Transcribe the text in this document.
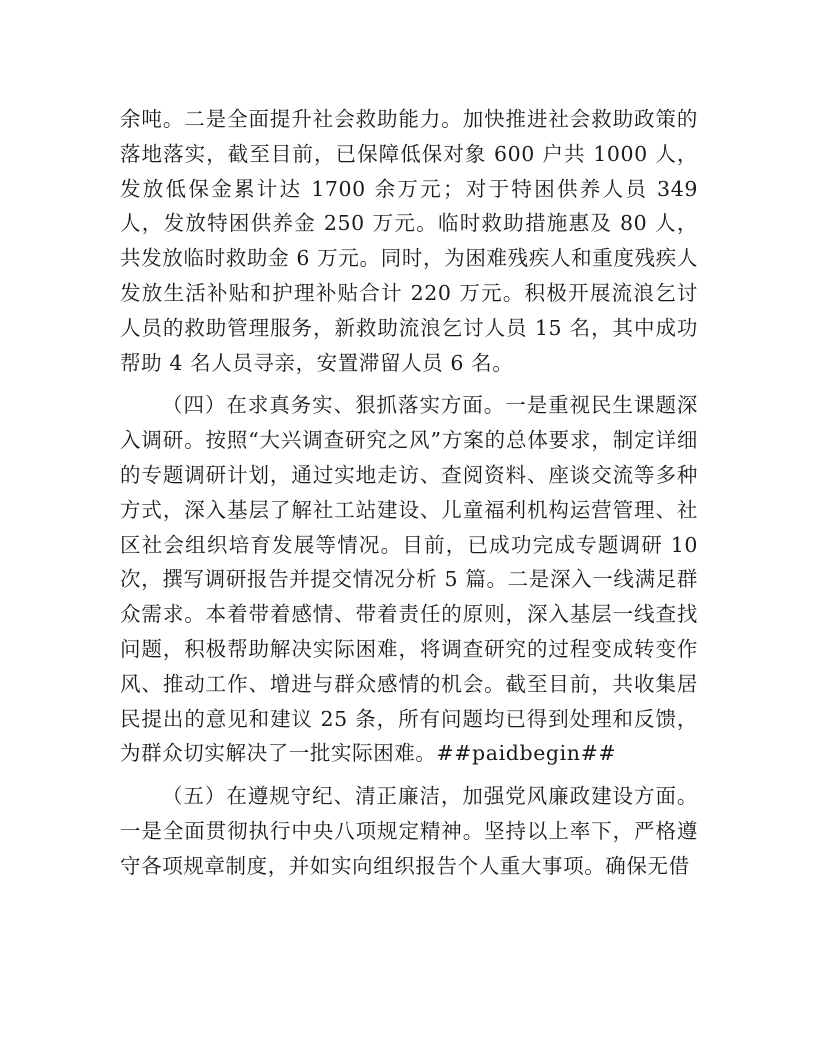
余吨。二是全面提升社会救助能力。加快推进社会救助政策的落地落实，截至目前，已保障低保对象 600 户共 1000 人，发放低保金累计达 1700 余万元；对于特困供养人员 349 人，发放特困供养金 250 万元。临时救助措施惠及 80 人，共发放临时救助金 6 万元。同时，为困难残疾人和重度残疾人发放生活补贴和护理补贴合计 220 万元。积极开展流浪乞讨人员的救助管理服务，新救助流浪乞讨人员 15 名，其中成功帮助 4 名人员寻亲，安置滞留人员 6 名。

（四）在求真务实、狠抓落实方面。一是重视民生课题深入调研。按照“大兴调查研究之风”方案的总体要求，制定详细的专题调研计划，通过实地走访、查阅资料、座谈交流等多种方式，深入基层了解社工站建设、儿童福利机构运营管理、社区社会组织培育发展等情况。目前，已成功完成专题调研 10 次，撰写调研报告并提交情况分析 5 篇。二是深入一线满足群众需求。本着带着感情、带着责任的原则，深入基层一线查找问题，积极帮助解决实际困难，将调查研究的过程变成转变作风、推动工作、增进与群众感情的机会。截至目前，共收集居民提出的意见和建议 25 条，所有问题均已得到处理和反馈，为群众切实解决了一批实际困难。##paidbegin##

（五）在遵规守纪、清正廉洁，加强党风廉政建设方面。一是全面贯彻执行中央八项规定精神。坚持以上率下，严格遵守各项规章制度，并如实向组织报告个人重大事项。确保无借
